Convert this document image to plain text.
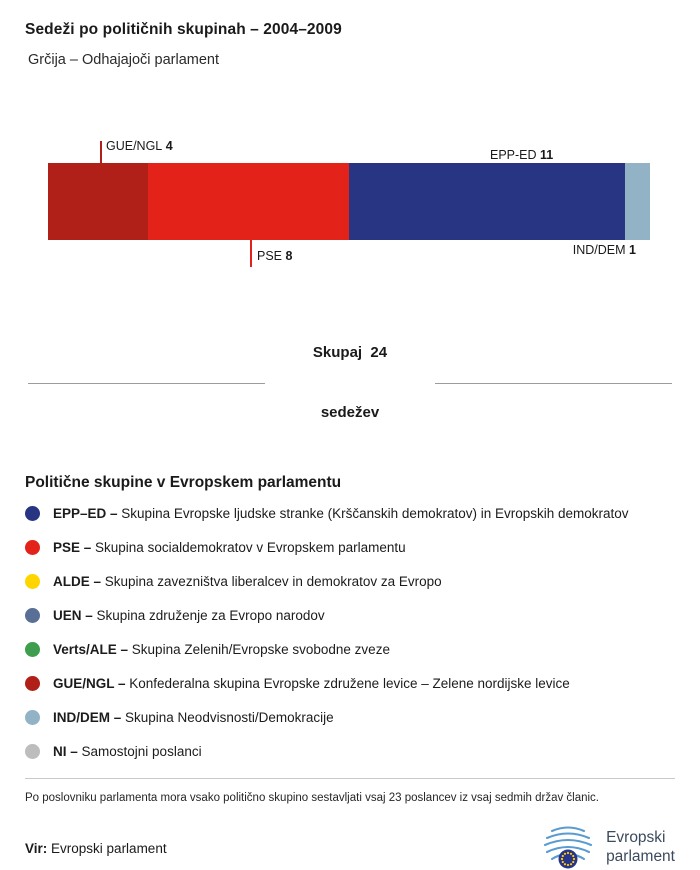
Sedeži po političnih skupinah – 2004–2009
Grčija – Odhajajoči parlament
GUE/NGL 4
EPP-ED 11
PSE 8	IND/DEM 1

Skupaj  24

sedežev

Politične skupine v Evropskem parlamentu
EPP–ED – Skupina Evropske ljudske stranke (Krščanskih demokratov) in Evropskih demokratov
PSE – Skupina socialdemokratov v Evropskem parlamentu
ALDE – Skupina zavezništva liberalcev in demokratov za Evropo
UEN – Skupina združenje za Evropo narodov
Verts/ALE – Skupina Zelenih/Evropske svobodne zveze
GUE/NGL – Konfederalna skupina Evropske združene levice – Zelene nordijske levice
IND/DEM – Skupina Neodvisnosti/Demokracije
NI – Samostojni poslanci
Po poslovniku parlamenta mora vsako politično skupino sestavljati vsaj 23 poslancev iz vsaj sedmih držav članic.
Vir: Evropski parlament
Evropski
parlament
